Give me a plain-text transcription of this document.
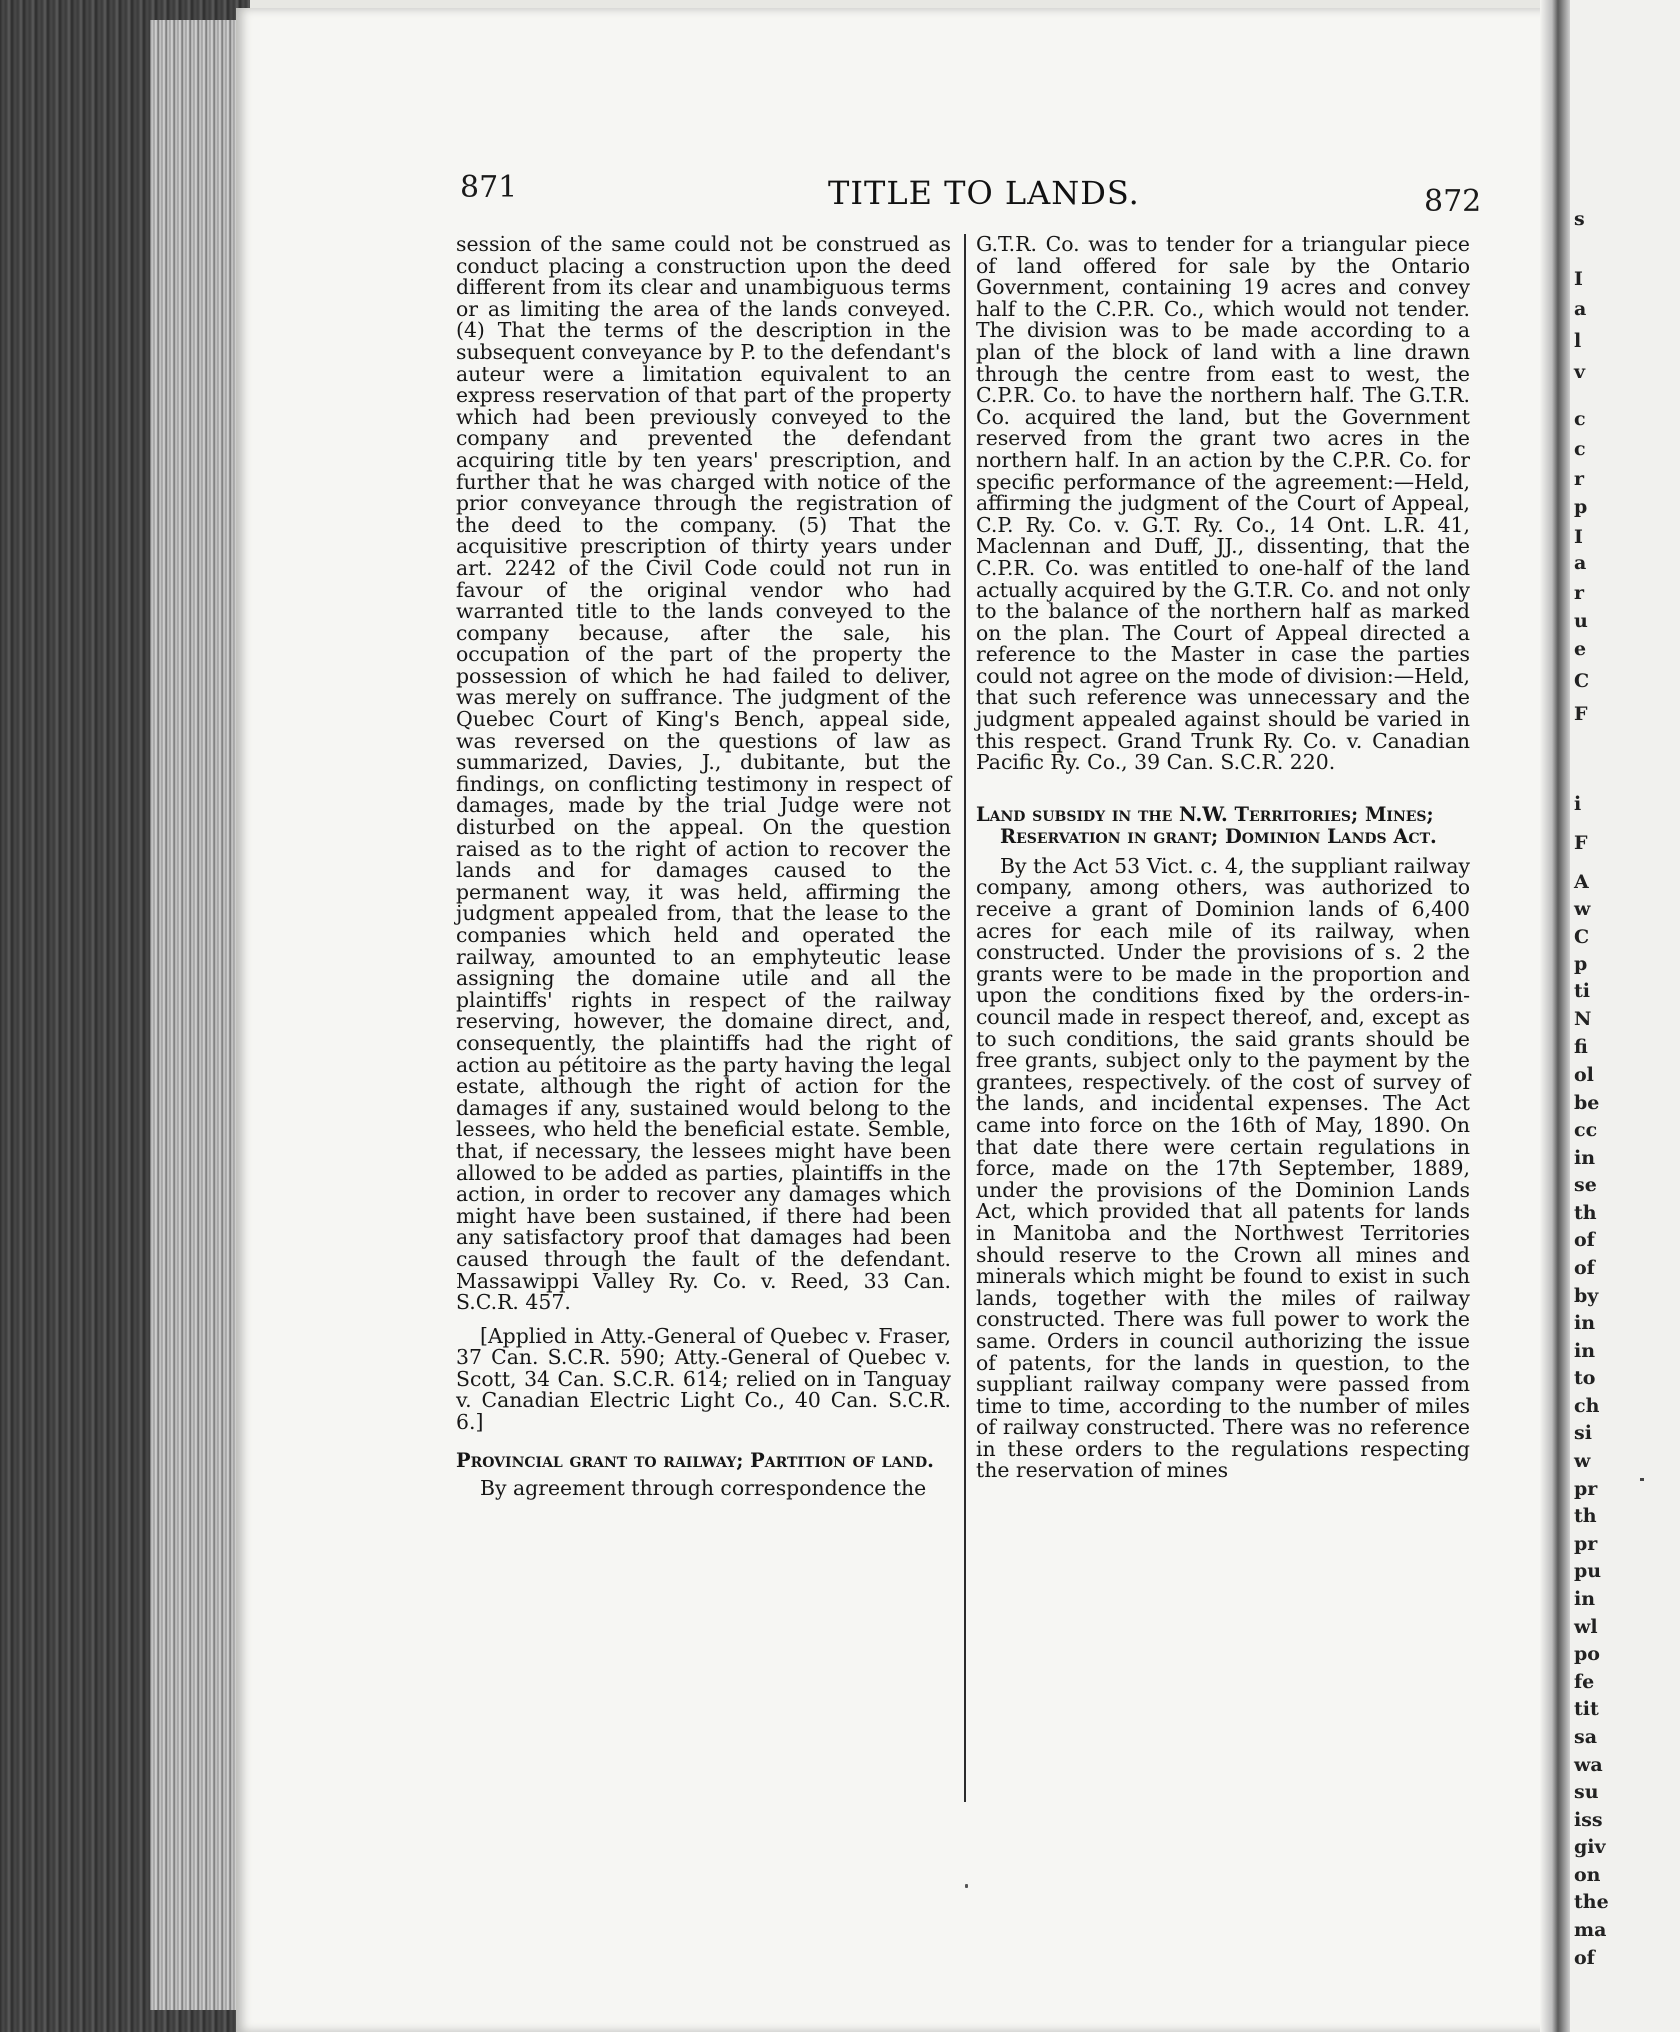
s
I
a
l
v
c
c
r
p
I
a
r
u
e
C
F
i
F
A
w
C
p
ti
N
fi
ol
be
cc
in
se
th
of
of
by
in
in
to
ch
si
w
pr
th
pr
pu
in
wl
po
fe
tit
sa
wa
su
iss
giv
on
the
ma
of
871	TITLE TO LANDS.	872

session of the same could not be construed as conduct placing a construction upon the deed different from its clear and unambiguous terms or as limiting the area of the lands conveyed. (4) That the terms of the description in the subsequent conveyance by P. to the defendant's auteur were a limitation equivalent to an express reservation of that part of the property which had been previously conveyed to the company and prevented the defendant acquiring title by ten years' prescription, and further that he was charged with notice of the prior conveyance through the registration of the deed to the company. (5) That the acquisitive prescription of thirty years under art. 2242 of the Civil Code could not run in favour of the original vendor who had warranted title to the lands conveyed to the company because, after the sale, his occupation of the part of the property the possession of which he had failed to deliver, was merely on suffrance. The judgment of the Quebec Court of King's Bench, appeal side, was reversed on the questions of law as summarized, Davies, J., dubitante, but the findings, on conflicting testimony in respect of damages, made by the trial Judge were not disturbed on the appeal. On the question raised as to the right of action to recover the lands and for damages caused to the permanent way, it was held, affirming the judgment appealed from, that the lease to the companies which held and operated the railway, amounted to an emphyteutic lease assigning the domaine utile and all the plaintiffs' rights in respect of the railway reserving, however, the domaine direct, and, consequently, the plaintiffs had the right of action au pétitoire as the party having the legal estate, although the right of action for the damages if any, sustained would belong to the lessees, who held the beneficial estate. Semble, that, if necessary, the lessees might have been allowed to be added as parties, plaintiffs in the action, in order to recover any damages which might have been sustained, if there had been any satisfactory proof that damages had been caused through the fault of the defendant. Massawippi Valley Ry. Co. v. Reed, 33 Can. S.C.R. 457.

[Applied in Atty.-General of Quebec v. Fraser, 37 Can. S.C.R. 590; Atty.-General of Quebec v. Scott, 34 Can. S.C.R. 614; relied on in Tanguay v. Canadian Electric Light Co., 40 Can. S.C.R. 6.]

Provincial grant to railway; Partition of land.

By agreement through correspondence the

G.T.R. Co. was to tender for a triangular piece of land offered for sale by the Ontario Government, containing 19 acres and convey half to the C.P.R. Co., which would not tender. The division was to be made according to a plan of the block of land with a line drawn through the centre from east to west, the C.P.R. Co. to have the northern half. The G.T.R. Co. acquired the land, but the Government reserved from the grant two acres in the northern half. In an action by the C.P.R. Co. for specific performance of the agreement:—Held, affirming the judgment of the Court of Appeal, C.P. Ry. Co. v. G.T. Ry. Co., 14 Ont. L.R. 41, Maclennan and Duff, JJ., dissenting, that the C.P.R. Co. was entitled to one-half of the land actually acquired by the G.T.R. Co. and not only to the balance of the northern half as marked on the plan. The Court of Appeal directed a reference to the Master in case the parties could not agree on the mode of division:—Held, that such reference was unnecessary and the judgment appealed against should be varied in this respect. Grand Trunk Ry. Co. v. Canadian Pacific Ry. Co., 39 Can. S.C.R. 220.

Land subsidy in the N.W. Territories; Mines; Reservation in grant; Dominion Lands Act.

By the Act 53 Vict. c. 4, the suppliant railway company, among others, was authorized to receive a grant of Dominion lands of 6,400 acres for each mile of its railway, when constructed. Under the provisions of s. 2 the grants were to be made in the proportion and upon the conditions fixed by the orders-in-council made in respect thereof, and, except as to such conditions, the said grants should be free grants, subject only to the payment by the grantees, respectively. of the cost of survey of the lands, and incidental expenses. The Act came into force on the 16th of May, 1890. On that date there were certain regulations in force, made on the 17th September, 1889, under the provisions of the Dominion Lands Act, which provided that all patents for lands in Manitoba and the Northwest Territories should reserve to the Crown all mines and minerals which might be found to exist in such lands, together with the miles of railway constructed. There was full power to work the same. Orders in council authorizing the issue of patents, for the lands in question, to the suppliant railway company were passed from time to time, according to the number of miles of railway constructed. There was no reference in these orders to the regulations respecting the reservation of mines
